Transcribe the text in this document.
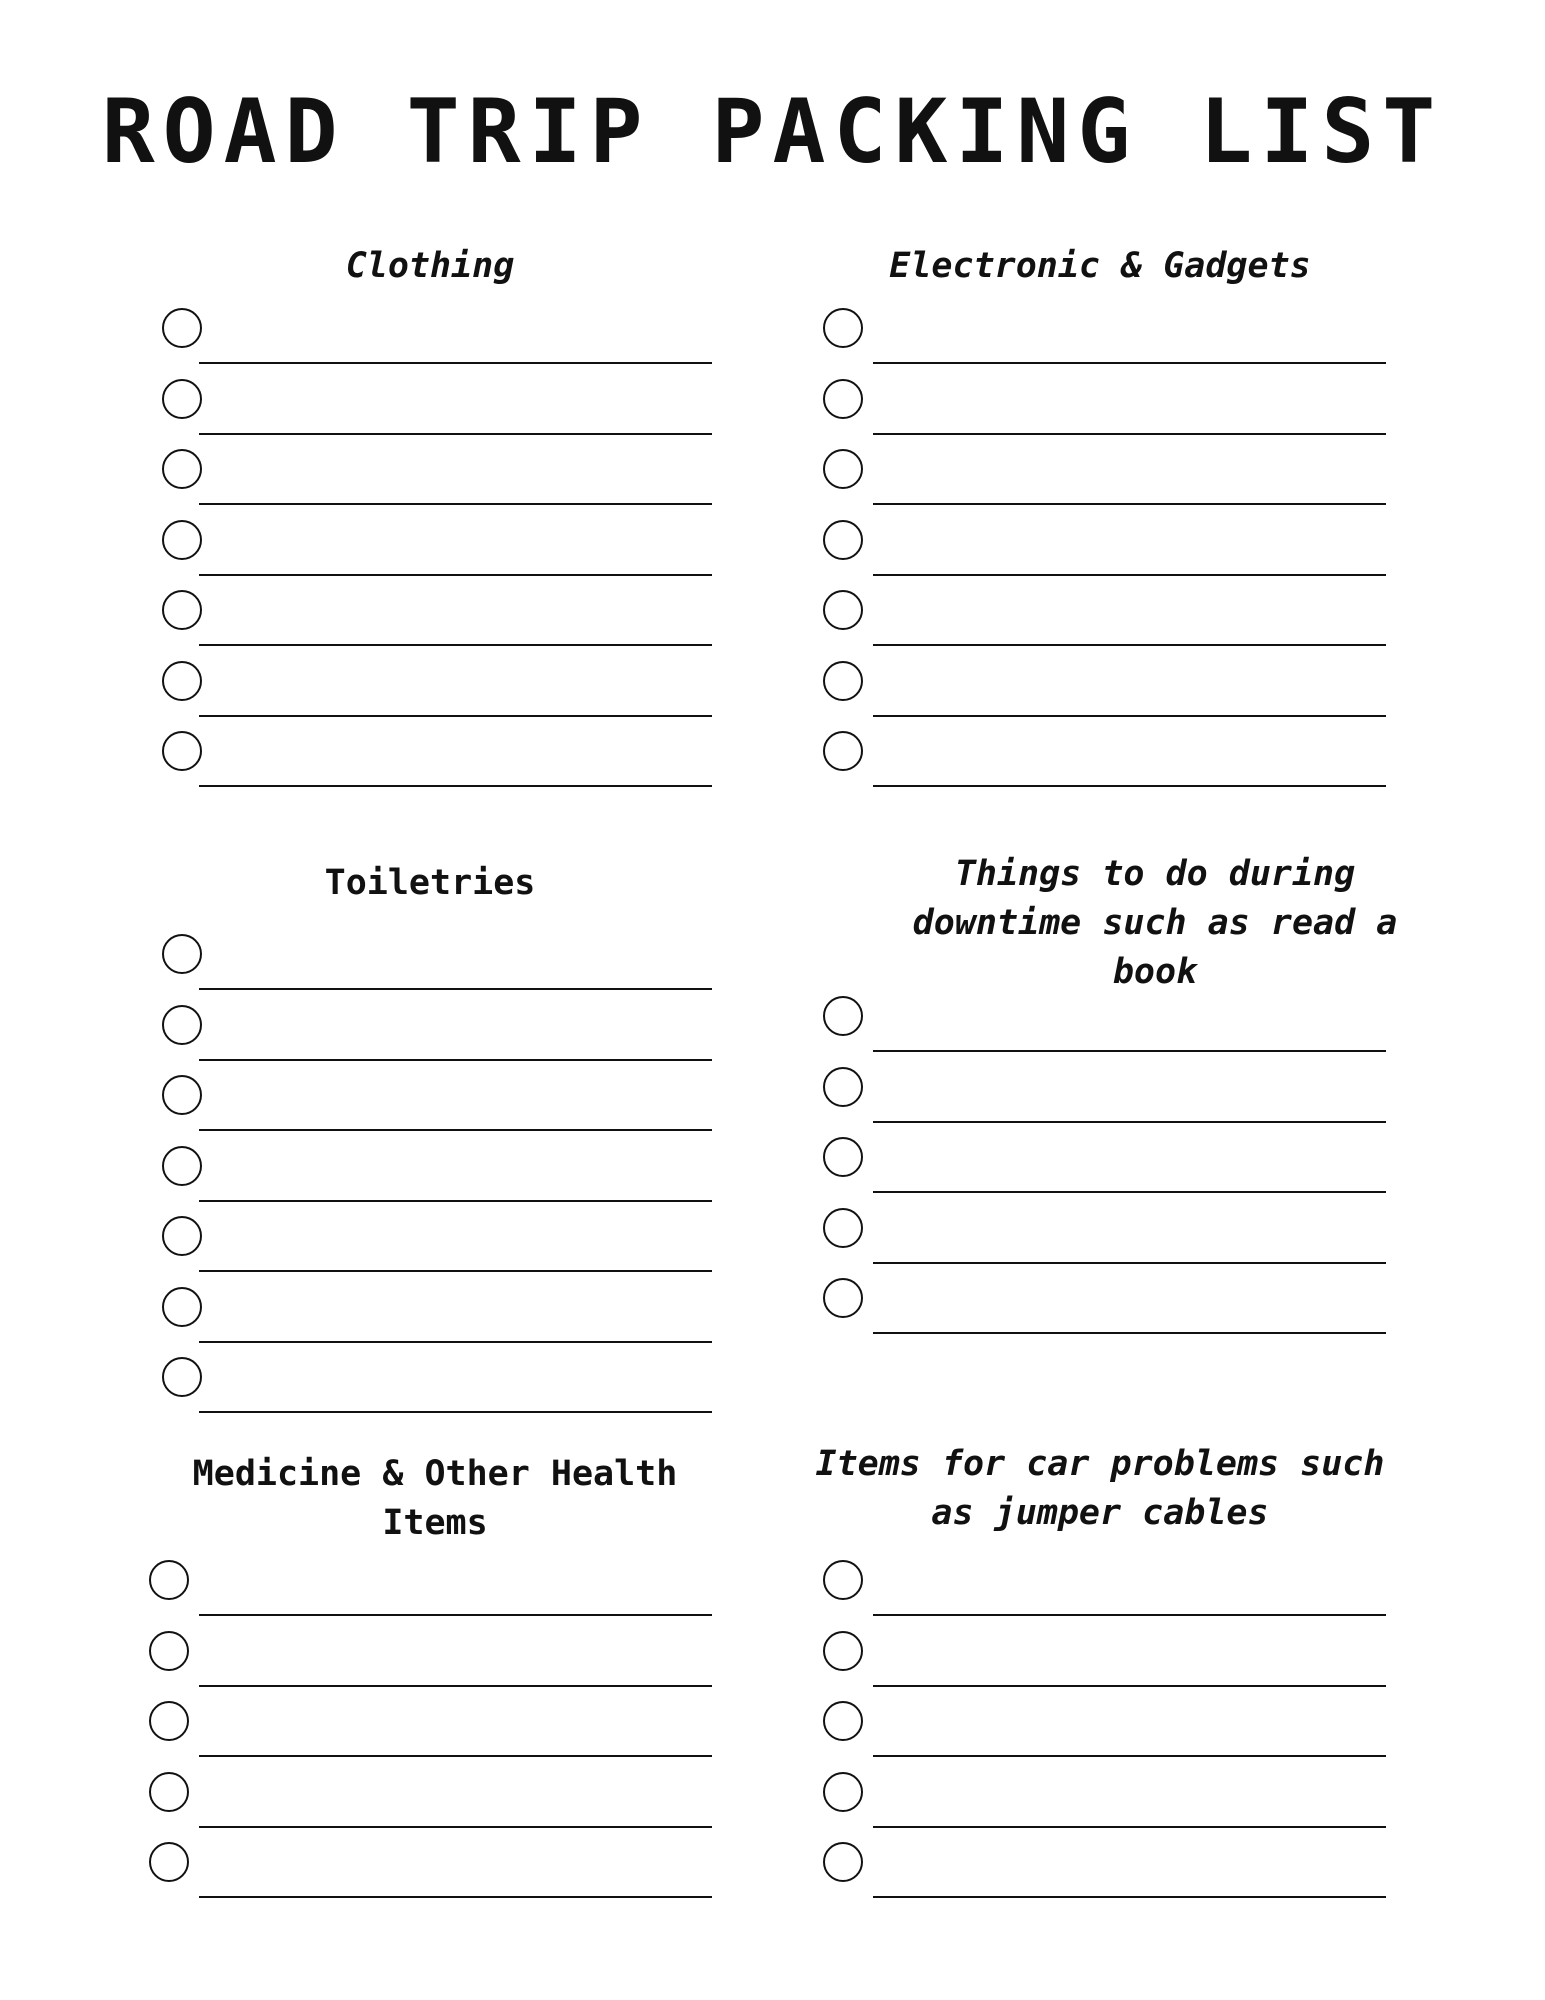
ROAD TRIP PACKING LIST
Clothing	Electronic & Gadgets
Toiletries	Things to do during downtime such as read a book
Medicine & Other Health Items
Items for car problems such as jumper cables
